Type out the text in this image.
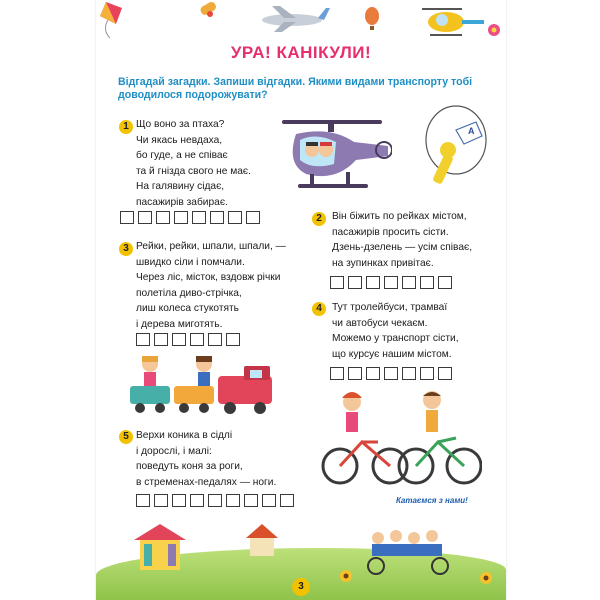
УРА! КАНІКУЛИ!
Відгадай загадки. Запиши відгадки. Якими видами транспорту тобі доводилося подорожувати?
1 Що воно за птаха?
Чи якась невдаха,
бо гуде, а не співає
та й гнізда свого не має.
На галявину сідає,
пасажирів забирає.
А
2	Він біжить по рейках містом,
пасажирів просить сісти.
Дзень-дзелень — усім співає,
на зупинках привітає.
3 Рейки, рейки, шпали, шпали, —
швидко сіли і помчали.
Через ліс, місток, вздовж річки
полетіла диво-стрічка,
лиш колеса стукотять
і дерева миготять.
4	Тут тролейбуси, трамваї
чи автобуси чекаєм.
Можемо у транспорт сісти,
що курсує нашим містом.
5 Верхи коника в сідлі
і дорослі, і малі:
поведуть коня за роги,
в стременах-педалях — ноги.
Катаємся з нами!
3
